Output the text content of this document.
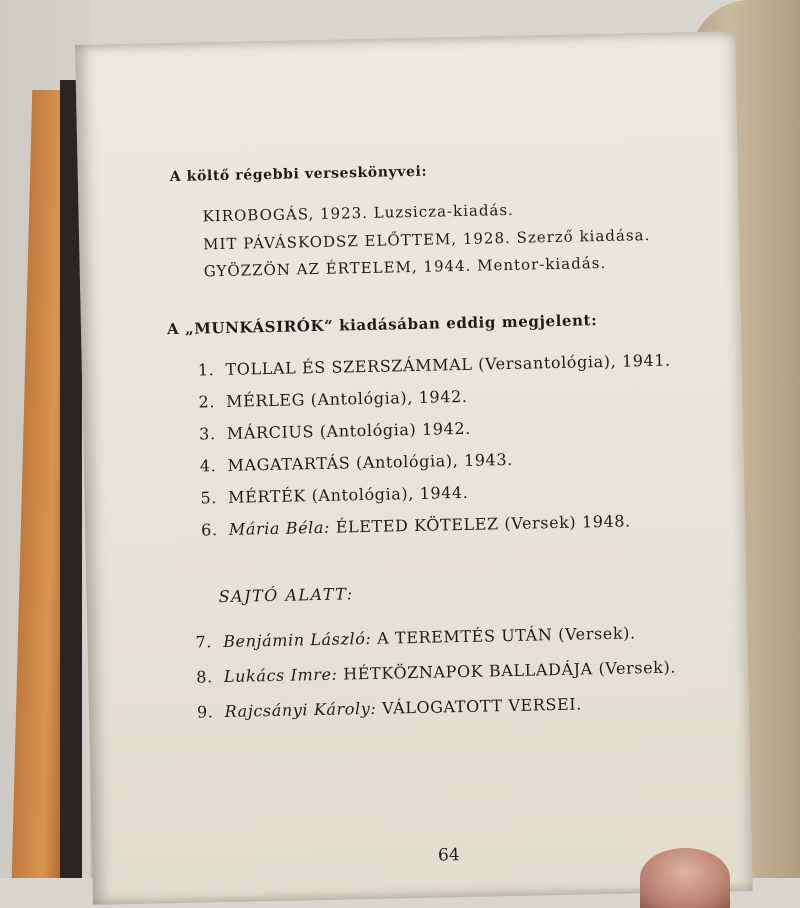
A költő régebbi verseskönyvei:
KIROBOGÁS, 1923. Luzsicza-kiadás.
MIT PÁVÁSKODSZ ELŐTTEM, 1928. Szerző kiadása.
GYÖZZÖN AZ ÉRTELEM, 1944. Mentor-kiadás.
A „MUNKÁSIRÓK“ kiadásában eddig megjelent:
1. TOLLAL ÉS SZERSZÁMMAL (Versantológia), 1941.
2. MÉRLEG (Antológia), 1942.
3. MÁRCIUS (Antológia) 1942.
4. MAGATARTÁS (Antológia), 1943.
5. MÉRTÉK (Antológia), 1944.
6. Mária Béla: ÉLETED KÖTELEZ (Versek) 1948.
SAJTÓ ALATT:
7. Benjámin László: A TEREMTÉS UTÁN (Versek).
8. Lukács Imre: HÉTKÖZNAPOK BALLADÁJA (Versek).
9. Rajcsányi Károly: VÁLOGATOTT VERSEI.
64
